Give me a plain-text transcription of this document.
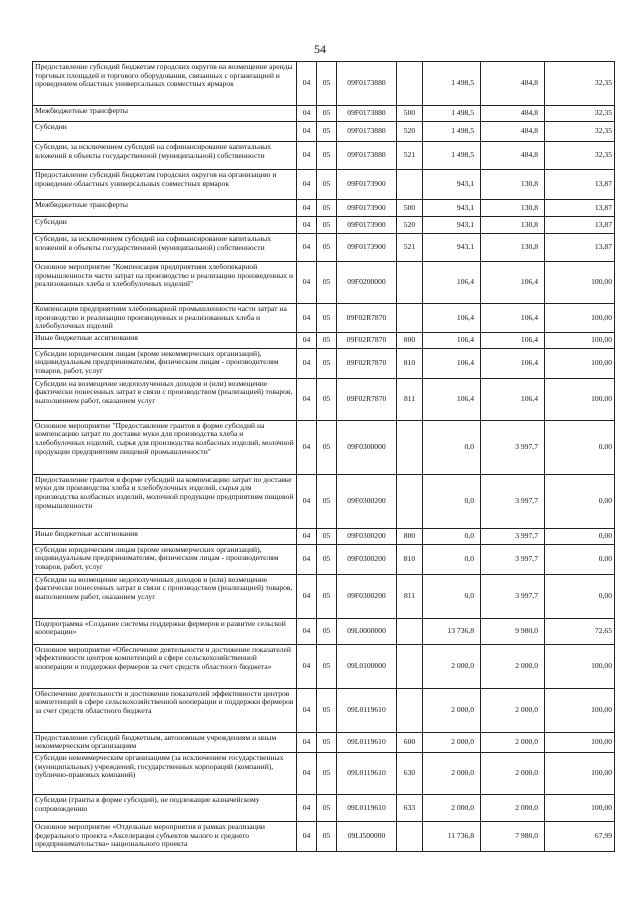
54
Предоставление субсидий бюджетам городских округов на возмещение аренды торговых площадей и торгового оборудования, связанных с организацией и проведением областных универсальных совместных ярмарок	04	05	09F0173880		1 498,5	484,8	32,35
Межбюджетные трансферты	04	05	09F0173880	500	1 498,5	484,8	32,35
Субсидии	04	05	09F0173880	520	1 498,5	484,8	32,35
Субсидии, за исключением субсидий на софинансирование капитальных вложений в объекты государственной (муниципальной) собственности	04	05	09F0173880	521	1 498,5	484,8	32,35
Предоставление субсидий бюджетам городских округов на организацию и проведение областных универсальных совместных ярмарок	04	05	09F0173900		943,1	130,8	13,87
Межбюджетные трансферты	04	05	09F0173900	500	943,1	130,8	13,87
Субсидии	04	05	09F0173900	520	943,1	130,8	13,87
Субсидии, за исключением субсидий на софинансирование капитальных вложений в объекты государственной (муниципальной) собственности	04	05	09F0173900	521	943,1	130,8	13,87
Основное мероприятие "Компенсация предприятиям хлебопекарной промышленности части затрат на производство и реализацию произведенных и реализованных хлеба и хлебобулочных изделий"	04	05	09F0200000		106,4	106,4	100,00
Компенсация предприятиям хлебопекарной промышленности части затрат на производство и реализацию произведенных и реализованных хлеба и хлебобулочных изделий	04	05	09F02R7870		106,4	106,4	100,00
Иные бюджетные ассигнования	04	05	09F02R7870	800	106,4	106,4	100,00
Субсидии юридическим лицам (кроме некоммерческих организаций), индивидуальным предпринимателям, физическим лицам - производителям товаров, работ, услуг	04	05	09F02R7870	810	106,4	106,4	100,00
Субсидии на возмещение недополученных доходов и (или) возмещение фактически понесенных затрат в связи с производством (реализацией) товаров, выполнением работ, оказанием услуг	04	05	09F02R7870	811	106,4	106,4	100,00
Основное мероприятие "Предоставление грантов в форме субсидий на компенсацию затрат по доставке муки для производства хлеба и хлебобулочных изделий, сырья для производства колбасных изделий, молочной продукции предприятиям пищевой промышленности"	04	05	09F0300000		0,0	3 997,7	0,00
Предоставление грантов в форме субсидий на компенсацию затрат по доставке муки для производства хлеба и хлебобулочных изделий, сырья для производства колбасных изделий, молочной продукции предприятиям пищевой промышленности	04	05	09F0300200		0,0	3 997,7	0,00
Иные бюджетные ассигнования	04	05	09F0300200	800	0,0	3 997,7	0,00
Субсидии юридическим лицам (кроме некоммерческих организаций), индивидуальным предпринимателям, физическим лицам - производителям товаров, работ, услуг	04	05	09F0300200	810	0,0	3 997,7	0,00
Субсидии на возмещение недополученных доходов и (или) возмещение фактически понесенных затрат в связи с производством (реализацией) товаров, выполнением работ, оказанием услуг	04	05	09F0300200	811	0,0	3 997,7	0,00
Подпрограмма «Создание системы поддержки фермеров и развитие сельской кооперации»	04	05	09L0000000		13 736,8	9 980,0	72,65
Основное мероприятие «Обеспечение деятельности и достижение показателей эффективности центров компетенций в сфере сельскохозяйственной кооперации и поддержки фермеров за счет средств областного бюджета»	04	05	09L0100000		2 000,0	2 000,0	100,00
Обеспечение деятельности и достижение показателей эффективности центров компетенций в сфере сельскохозяйственной кооперации и поддержки фермеров за счет средств областного бюджета	04	05	09L0119610		2 000,0	2 000,0	100,00
Предоставление субсидий бюджетным, автономным учреждениям и иным некоммерческим организациям	04	05	09L0119610	600	2 000,0	2 000,0	100,00
Субсидии некоммерческим организациям (за исключением государственных (муниципальных) учреждений, государственных корпораций (компаний), публично-правовых компаний)	04	05	09L0119610	630	2 000,0	2 000,0	100,00
Субсидии (гранты в форме субсидий), не подлежащие казначейскому сопровождению	04	05	09L0119610	633	2 000,0	2 000,0	100,00
Основное мероприятие «Отдельные мероприятия в рамках реализации федерального проекта «Акселерация субъектов малого и среднего предпринимательства» национального проекта	04	05	09LI500000		11 736,8	7 980,0	67,99
